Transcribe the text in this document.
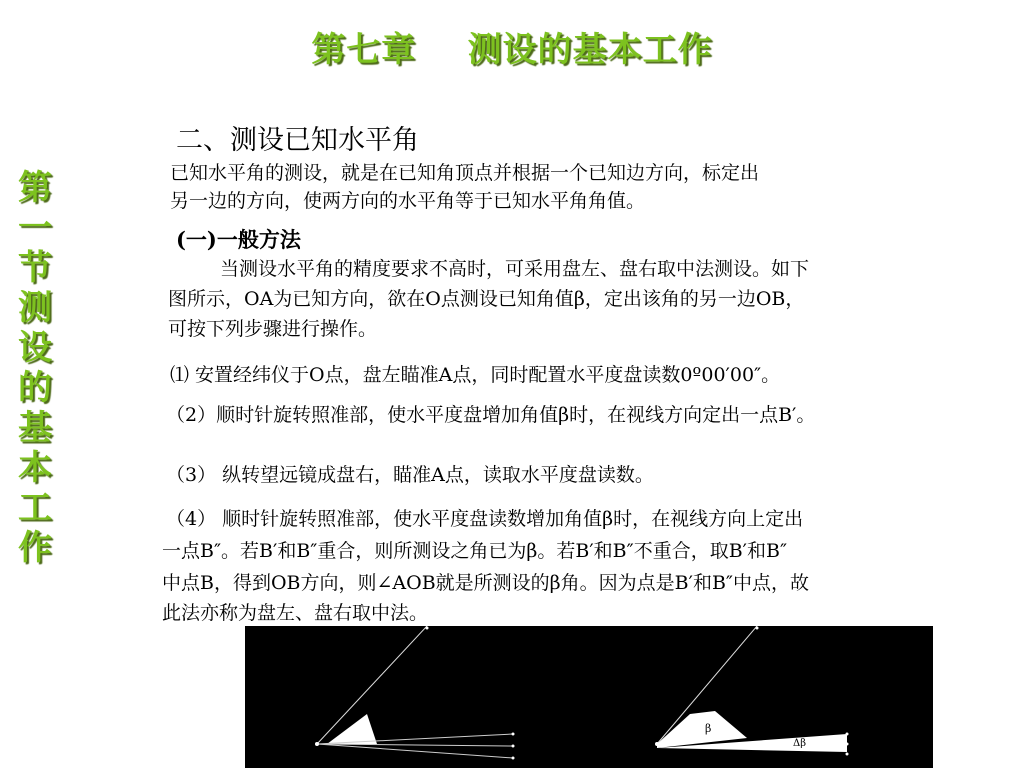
第七章    测设的基本工作
第一节 测设的基本工作
二、测设已知水平角
已知水平角的测设，就是在已知角顶点并根据一个已知边方向，标定出
另一边的方向，使两方向的水平角等于已知水平角角值。
(一)一般方法
当测设水平角的精度要求不高时，可采用盘左、盘右取中法测设。如下
图所示，OA为已知方向，欲在O点测设已知角值β，定出该角的另一边OB，
可按下列步骤进行操作。
⑴ 安置经纬仪于O点，盘左瞄准A点，同时配置水平度盘读数0º00′00″。
（2）顺时针旋转照准部，使水平度盘增加角值β时，在视线方向定出一点B′。
（3） 纵转望远镜成盘右，瞄准A点，读取水平度盘读数。
（4） 顺时针旋转照准部，使水平度盘读数增加角值β时，在视线方向上定出
一点B″。若B′和B″重合，则所测设之角已为β。若B′和B″不重合，取B′和B″
中点B，得到OB方向，则∠AOB就是所测设的β角。因为点是B′和B″中点，故
此法亦称为盘左、盘右取中法。
β
Δβ
